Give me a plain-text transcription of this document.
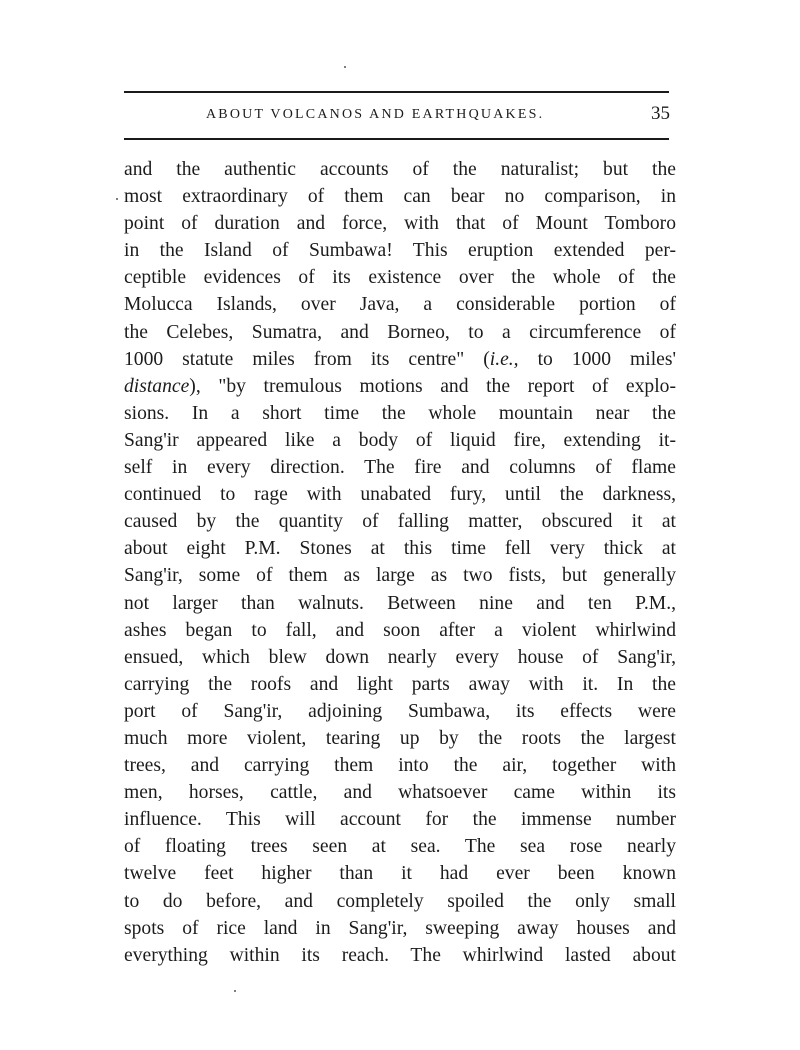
ABOUT VOLCANOS AND EARTHQUAKES.	35
and the authentic accounts of the naturalist; but the
most extraordinary of them can bear no comparison, in
point of duration and force, with that of Mount Tomboro
in the Island of Sumbawa! This eruption extended per-
ceptible evidences of its existence over the whole of the
Molucca Islands, over Java, a considerable portion of
the Celebes, Sumatra, and Borneo, to a circumference of
1000 statute miles from its centre" (i.e., to 1000 miles'
distance), "by tremulous motions and the report of explo-
sions. In a short time the whole mountain near the
Sang'ir appeared like a body of liquid fire, extending it-
self in every direction. The fire and columns of flame
continued to rage with unabated fury, until the darkness,
caused by the quantity of falling matter, obscured it at
about eight P.M. Stones at this time fell very thick at
Sang'ir, some of them as large as two fists, but generally
not larger than walnuts. Between nine and ten P.M.,
ashes began to fall, and soon after a violent whirlwind
ensued, which blew down nearly every house of Sang'ir,
carrying the roofs and light parts away with it. In the
port of Sang'ir, adjoining Sumbawa, its effects were
much more violent, tearing up by the roots the largest
trees, and carrying them into the air, together with
men, horses, cattle, and whatsoever came within its
influence. This will account for the immense number
of floating trees seen at sea. The sea rose nearly
twelve feet higher than it had ever been known
to do before, and completely spoiled the only small
spots of rice land in Sang'ir, sweeping away houses and
everything within its reach. The whirlwind lasted about
